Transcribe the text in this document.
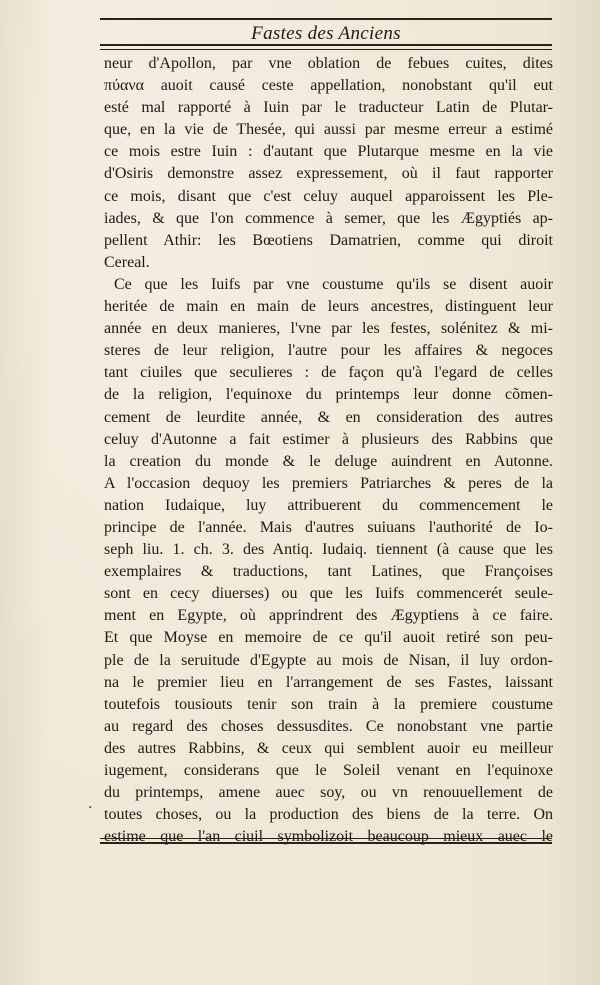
Fastes des Anciens
·
neur d'Apollon, par vne oblation de febues cuites, dites
πύανα auoit causé ceste appellation, nonobstant qu'il eut
esté mal rapporté à Iuin par le traducteur Latin de Plutar-
que, en la vie de Thesée, qui aussi par mesme erreur a estimé
ce mois estre Iuin : d'autant que Plutarque mesme en la vie
d'Osiris demonstre assez expressement, où il faut rapporter
ce mois, disant que c'est celuy auquel apparoissent les Ple-
iades, & que l'on commence à semer, que les Ægyptiés ap-
pellent Athir: les Bœotiens Damatrien, comme qui diroit
Cereal.
Ce que les Iuifs par vne coustume qu'ils se disent auoir
heritée de main en main de leurs ancestres, distinguent leur
année en deux manieres, l'vne par les festes, solénitez & mi-
steres de leur religion, l'autre pour les affaires & negoces
tant ciuiles que seculieres : de façon qu'à l'egard de celles
de la religion, l'equinoxe du printemps leur donne cõmen-
cement de leurdite année, & en consideration des autres
celuy d'Autonne a fait estimer à plusieurs des Rabbins que
la creation du monde & le deluge auindrent en Autonne.
A l'occasion dequoy les premiers Patriarches & peres de la
nation Iudaique, luy attribuerent du commencement le
principe de l'année. Mais d'autres suiuans l'authorité de Io-
seph liu. 1. ch. 3. des Antiq. Iudaiq. tiennent (à cause que les
exemplaires & traductions, tant Latines, que Françoises
sont en cecy diuerses) ou que les Iuifs commencerét seule-
ment en Egypte, où apprindrent des Ægyptiens à ce faire.
Et que Moyse en memoire de ce qu'il auoit retiré son peu-
ple de la seruitude d'Egypte au mois de Nisan, il luy ordon-
na le premier lieu en l'arrangement de ses Fastes, laissant
toutefois tousiouts tenir son train à la premiere coustume
au regard des choses dessusdites. Ce nonobstant vne partie
des autres Rabbins, & ceux qui semblent auoir eu meilleur
iugement, considerans que le Soleil venant en l'equinoxe
du printemps, amene auec soy, ou vn renouuellement de
toutes choses, ou la production des biens de la terre. On
estime que l'an ciuil symbolizoit beaucoup mieux auec le
